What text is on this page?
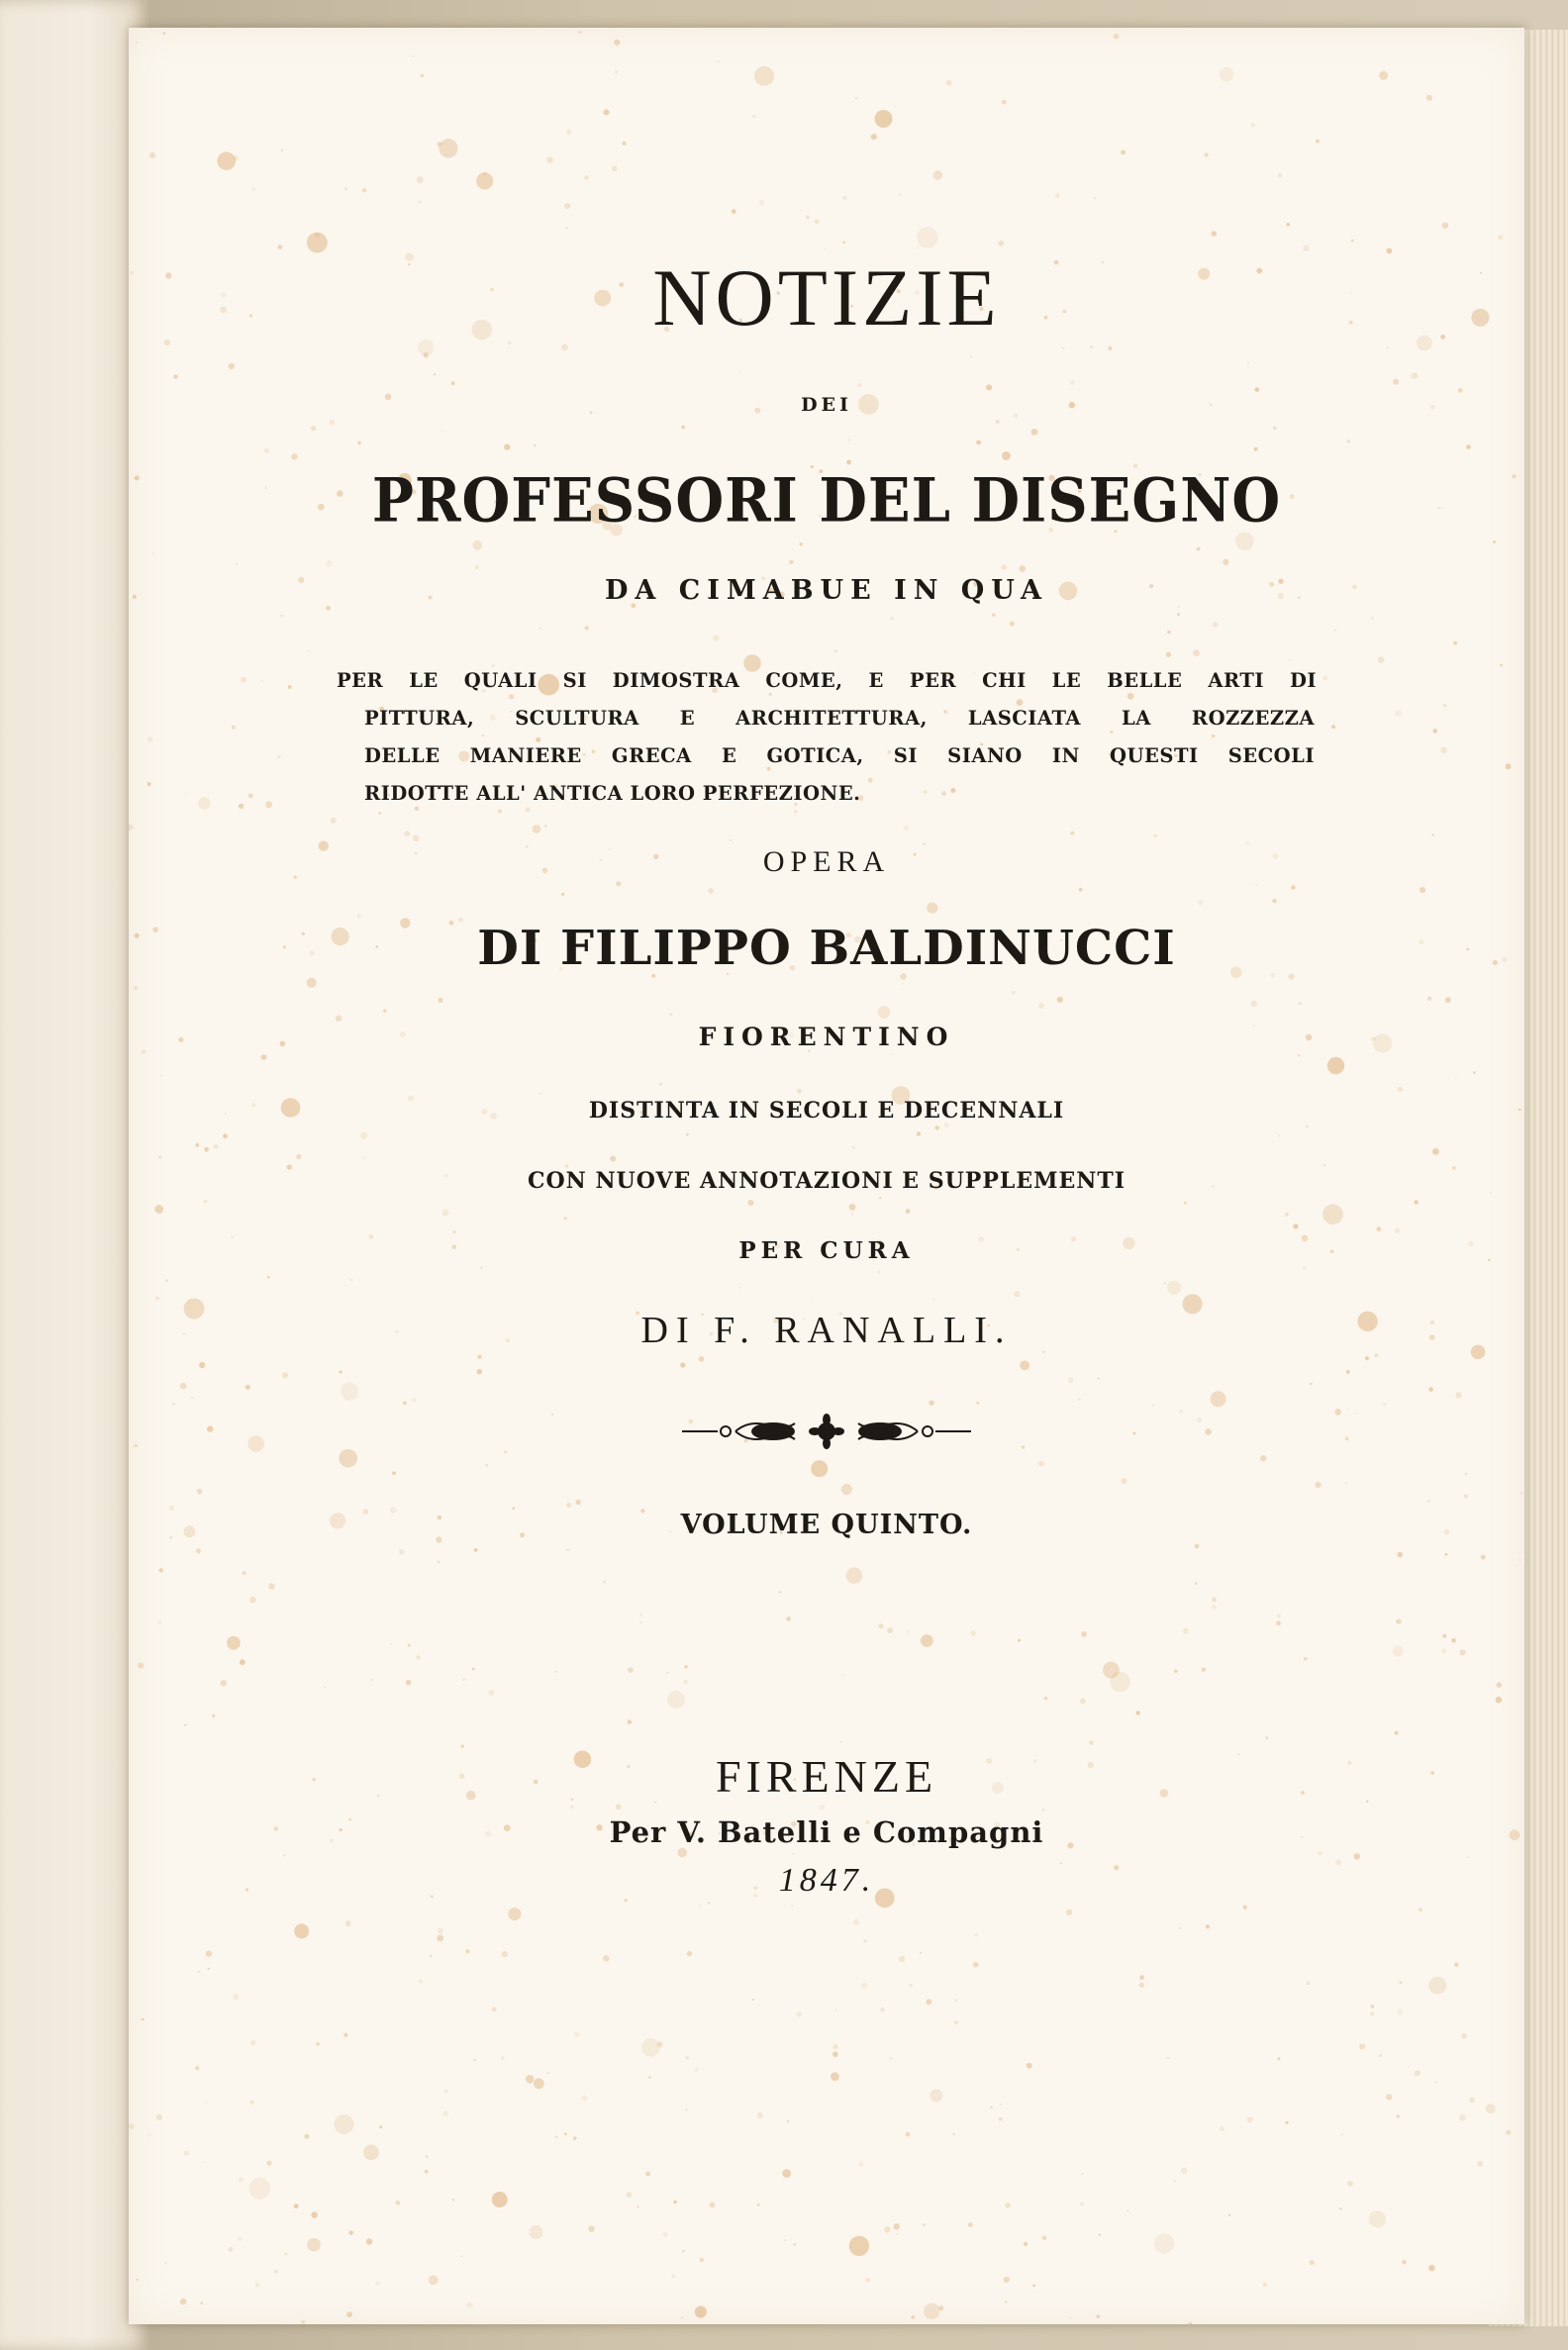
NOTIZIE
DEI
PROFESSORI DEL DISEGNO
DA CIMABUE IN QUA
PER LE QUALI SI DIMOSTRA COME, E PER CHI LE BELLE ARTI DI
PITTURA, SCULTURA E ARCHITETTURA, LASCIATA LA ROZZEZZA
DELLE MANIERE GRECA E GOTICA, SI SIANO IN QUESTI SECOLI
RIDOTTE ALL' ANTICA LORO PERFEZIONE.
OPERA
DI FILIPPO BALDINUCCI
FIORENTINO
DISTINTA IN SECOLI E DECENNALI
CON NUOVE ANNOTAZIONI E SUPPLEMENTI
PER CURA
DI F. RANALLI.
VOLUME QUINTO.
FIRENZE
Per V. Batelli e Compagni
1847.
